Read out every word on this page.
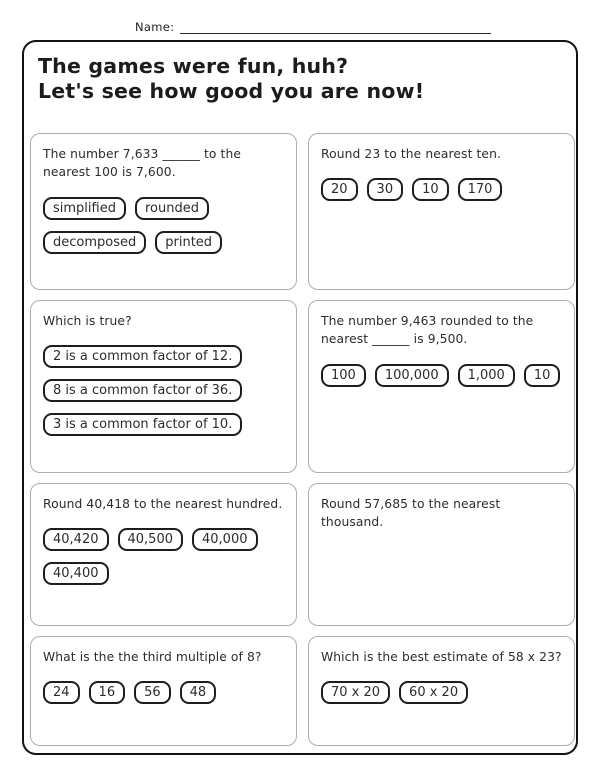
Name:
The games were fun, huh?
Let's see how good you are now!

The number 7,633 ______ to the nearest 100 is 7,600.

simplified	rounded
decomposed	printed

Round 23 to the nearest ten.

20	30	10	170

Which is true?

2 is a common factor of 12.
8 is a common factor of 36.
3 is a common factor of 10.

The number 9,463 rounded to the nearest ______ is 9,500.

100	100,000	1,000	10

Round 40,418 to the nearest hundred.

40,420	40,500	40,000
40,400

Round 57,685 to the nearest thousand.

What is the the third multiple of 8?

24	16	56	48

Which is the best estimate of 58 x 23?

70 x 20	60 x 20
